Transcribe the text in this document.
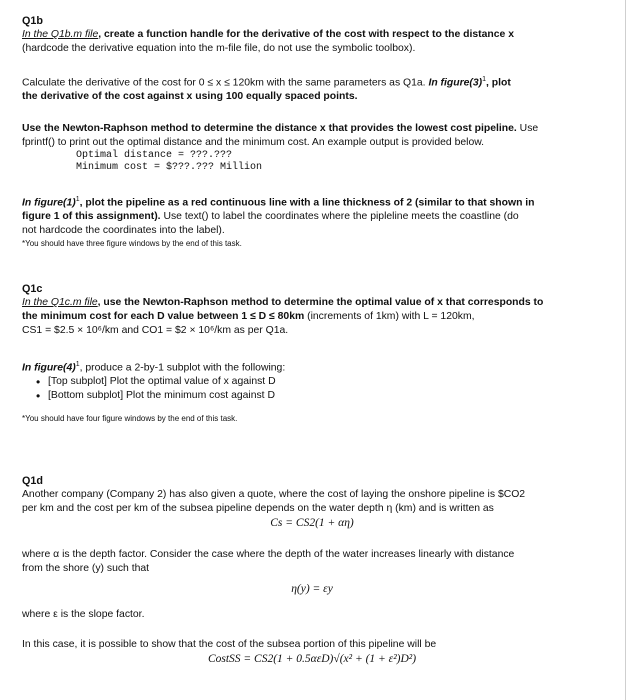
Q1b

In the Q1b.m file, create a function handle for the derivative of the cost with respect to the distance x

(hardcode the derivative equation into the m-file file, do not use the symbolic toolbox).

Calculate the derivative of the cost for 0 ≤ x ≤ 120km with the same parameters as Q1a. In $figure(3)^1$, plot

the derivative of the cost against x using 100 equally spaced points.

Use the Newton-Raphson method to determine the distance x that provides the lowest cost pipeline. Use

fprintf() to print out the optimal distance and the minimum cost. An example output is provided below.

Optimal distance = ???.???

Minimum cost = $???.??? Million

In $figure(1)^1$, plot the pipeline as a red continuous line with a line thickness of 2 (similar to that shown in

figure 1 of this assignment). Use text() to label the coordinates where the pipleline meets the coastline (do

not hardcode the coordinates into the label).

*You should have three figure windows by the end of this task.

Q1c

In the Q1c.m file, use the Newton-Raphson method to determine the optimal value of x that corresponds to

the minimum cost for each D value between 1 ≤ D ≤ 80km (increments of 1km) with L = 120km,

CS1 = $2.5 × 10⁶/km and CO1 = $2 × 10⁶/km as per Q1a.

In $figure(4)^1$, produce a 2-by-1 subplot with the following:

• [Top subplot] Plot the optimal value of x against D
• [Bottom subplot] Plot the minimum cost against D

*You should have four figure windows by the end of this task.

Q1d

Another company (Company 2) has also given a quote, where the cost of laying the onshore pipeline is $CO2

per km and the cost per km of the subsea pipeline depends on the water depth η (km) and is written as

Cs = CS2(1 + αη)

where α is the depth factor. Consider the case where the depth of the water increases linearly with distance

from the shore (y) such that

η(y) = εy

where ε is the slope factor.

In this case, it is possible to show that the cost of the subsea portion of this pipeline will be

CostSS = CS2(1 + 0.5αεD)√(x² + (1 + ε²)D²)
